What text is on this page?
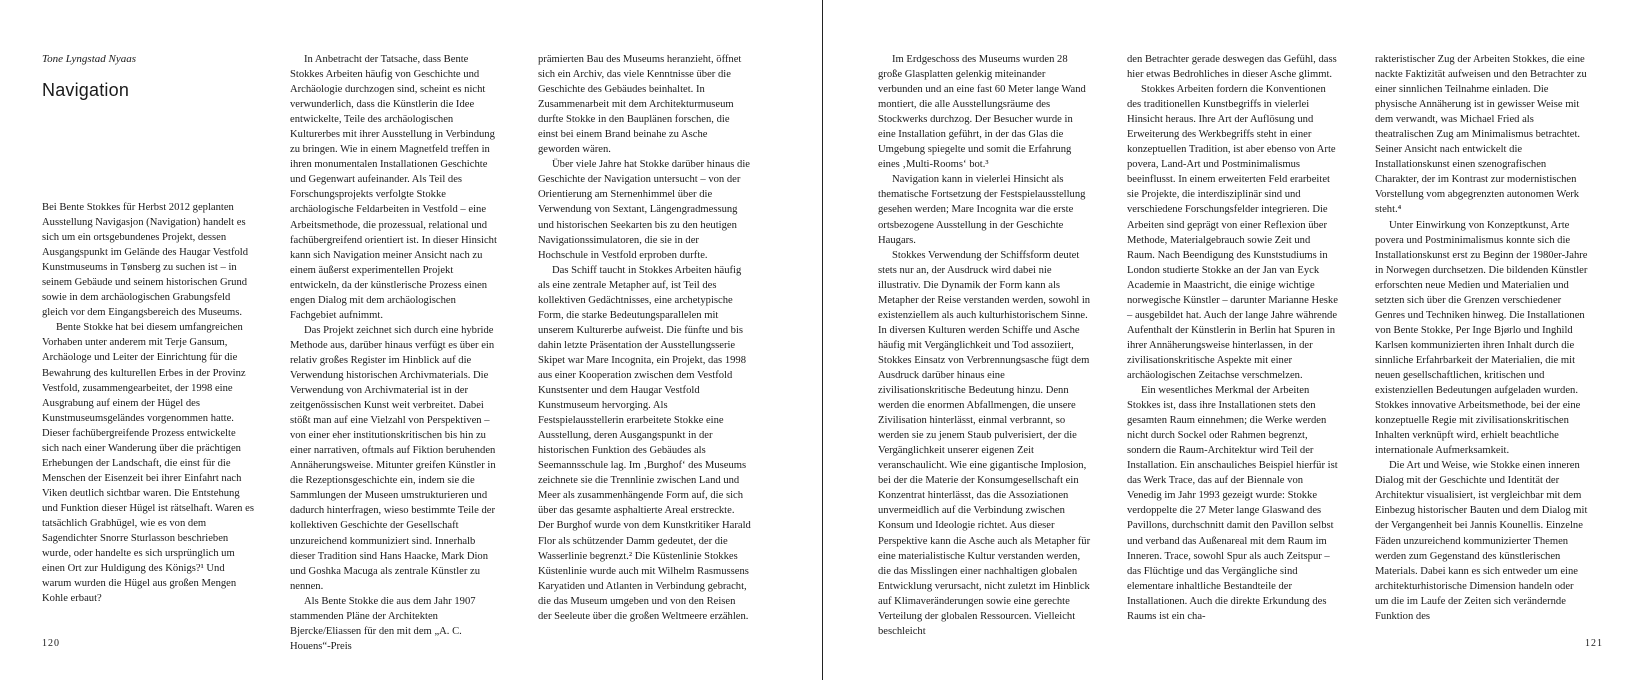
Tone Lyngstad Nyaas
Navigation

Bei Bente Stokkes für Herbst 2012 geplanten Ausstellung Navigasjon (Navigation) handelt es sich um ein ortsgebundenes Projekt, dessen Ausgangspunkt im Gelände des Haugar Vestfold Kunstmuseums in Tønsberg zu suchen ist – in seinem Gebäude und seinem historischen Grund sowie in dem archäologischen Grabungsfeld gleich vor dem Eingangsbereich des Museums.

Bente Stokke hat bei diesem umfangreichen Vorhaben unter anderem mit Terje Gansum, Archäologe und Leiter der Einrichtung für die Bewahrung des kulturellen Erbes in der Provinz Vestfold, zusammengearbeitet, der 1998 eine Ausgrabung auf einem der Hügel des Kunstmuseumsgeländes vorgenommen hatte. Dieser fachübergreifende Prozess entwickelte sich nach einer Wanderung über die prächtigen Erhebungen der Landschaft, die einst für die Menschen der Eisenzeit bei ihrer Einfahrt nach Viken deutlich sichtbar waren. Die Entstehung und Funktion dieser Hügel ist rätselhaft. Waren es tatsächlich Grabhügel, wie es von dem Sagendichter Snorre Sturlasson beschrieben wurde, oder handelte es sich ursprünglich um einen Ort zur Huldigung des Königs?¹ Und warum wurden die Hügel aus großen Mengen Kohle erbaut?

In Anbetracht der Tatsache, dass Bente Stokkes Arbeiten häufig von Geschichte und Archäologie durchzogen sind, scheint es nicht verwunderlich, dass die Künstlerin die Idee entwickelte, Teile des archäologischen Kulturerbes mit ihrer Ausstellung in Verbindung zu bringen. Wie in einem Magnetfeld treffen in ihren monumentalen Installationen Geschichte und Gegenwart aufeinander. Als Teil des Forschungsprojekts verfolgte Stokke archäologische Feldarbeiten in Vestfold – eine Arbeitsmethode, die prozessual, relational und fachübergreifend orientiert ist. In dieser Hinsicht kann sich Navigation meiner Ansicht nach zu einem äußerst experimentellen Projekt entwickeln, da der künstlerische Prozess einen engen Dialog mit dem archäologischen Fachgebiet aufnimmt.

Das Projekt zeichnet sich durch eine hybride Methode aus, darüber hinaus verfügt es über ein relativ großes Register im Hinblick auf die Verwendung historischen Archivmaterials. Die Verwendung von Archivmaterial ist in der zeitgenössischen Kunst weit verbreitet. Dabei stößt man auf eine Vielzahl von Perspektiven – von einer eher institutionskritischen bis hin zu einer narrativen, oftmals auf Fiktion beruhenden Annäherungsweise. Mitunter greifen Künstler in die Rezeptionsgeschichte ein, indem sie die Sammlungen der Museen umstrukturieren und dadurch hinterfragen, wieso bestimmte Teile der kollektiven Geschichte der Gesellschaft unzureichend kommuniziert sind. Innerhalb dieser Tradition sind Hans Haacke, Mark Dion und Goshka Macuga als zentrale Künstler zu nennen.

Als Bente Stokke die aus dem Jahr 1907 stammenden Pläne der Architekten Bjercke/Eliassen für den mit dem „A. C. Houens“-Preis

prämierten Bau des Museums heranzieht, öffnet sich ein Archiv, das viele Kenntnisse über die Geschichte des Gebäudes beinhaltet. In Zusammenarbeit mit dem Architekturmuseum durfte Stokke in den Bauplänen forschen, die einst bei einem Brand beinahe zu Asche geworden wären.

Über viele Jahre hat Stokke darüber hinaus die Geschichte der Navigation untersucht – von der Orientierung am Sternenhimmel über die Verwendung von Sextant, Längengradmessung und historischen Seekarten bis zu den heutigen Navigationssimulatoren, die sie in der Hochschule in Vestfold erproben durfte.

Das Schiff taucht in Stokkes Arbeiten häufig als eine zentrale Metapher auf, ist Teil des kollektiven Gedächtnisses, eine archetypische Form, die starke Bedeutungsparallelen mit unserem Kulturerbe aufweist. Die fünfte und bis dahin letzte Präsentation der Ausstellungsserie Skipet war Mare Incognita, ein Projekt, das 1998 aus einer Kooperation zwischen dem Vestfold Kunstsenter und dem Haugar Vestfold Kunstmuseum hervorging. Als Festspielausstellerin erarbeitete Stokke eine Ausstellung, deren Ausgangspunkt in der historischen Funktion des Gebäudes als Seemannsschule lag. Im ‚Burghof‘ des Museums zeichnete sie die Trennlinie zwischen Land und Meer als zusammenhängende Form auf, die sich über das gesamte asphaltierte Areal erstreckte. Der Burghof wurde von dem Kunstkritiker Harald Flor als schützender Damm gedeutet, der die Wasserlinie begrenzt.² Die Küstenlinie Stokkes Küstenlinie wurde auch mit Wilhelm Rasmussens Karyatiden und Atlanten in Verbindung gebracht, die das Museum umgeben und von den Reisen der Seeleute über die großen Weltmeere erzählen.

Im Erdgeschoss des Museums wurden 28 große Glasplatten gelenkig miteinander verbunden und an eine fast 60 Meter lange Wand montiert, die alle Ausstellungsräume des Stockwerks durchzog. Der Besucher wurde in eine Installation geführt, in der das Glas die Umgebung spiegelte und somit die Erfahrung eines ‚Multi-Rooms‘ bot.³

Navigation kann in vielerlei Hinsicht als thematische Fortsetzung der Festspielausstellung gesehen werden; Mare Incognita war die erste ortsbezogene Ausstellung in der Geschichte Haugars.

Stokkes Verwendung der Schiffsform deutet stets nur an, der Ausdruck wird dabei nie illustrativ. Die Dynamik der Form kann als Metapher der Reise verstanden werden, sowohl in existenziellem als auch kulturhistorischem Sinne. In diversen Kulturen werden Schiffe und Asche häufig mit Vergänglichkeit und Tod assoziiert, Stokkes Einsatz von Verbrennungsasche fügt dem Ausdruck darüber hinaus eine zivilisationskritische Bedeutung hinzu. Denn werden die enormen Abfallmengen, die unsere Zivilisation hinterlässt, einmal verbrannt, so werden sie zu jenem Staub pulverisiert, der die Vergänglichkeit unserer eigenen Zeit veranschaulicht. Wie eine gigantische Implosion, bei der die Materie der Konsumgesellschaft ein Konzentrat hinterlässt, das die Assoziationen unvermeidlich auf die Verbindung zwischen Konsum und Ideologie richtet. Aus dieser Perspektive kann die Asche auch als Metapher für eine materialistische Kultur verstanden werden, die das Misslingen einer nachhaltigen globalen Entwicklung verursacht, nicht zuletzt im Hinblick auf Klimaveränderungen sowie eine gerechte Verteilung der globalen Ressourcen. Vielleicht beschleicht

den Betrachter gerade deswegen das Gefühl, dass hier etwas Bedrohliches in dieser Asche glimmt.

Stokkes Arbeiten fordern die Konventionen des traditionellen Kunstbegriffs in vielerlei Hinsicht heraus. Ihre Art der Auflösung und Erweiterung des Werkbegriffs steht in einer konzeptuellen Tradition, ist aber ebenso von Arte povera, Land-Art und Postminimalismus beeinflusst. In einem erweiterten Feld erarbeitet sie Projekte, die interdisziplinär sind und verschiedene Forschungsfelder integrieren. Die Arbeiten sind geprägt von einer Reflexion über Methode, Materialgebrauch sowie Zeit und Raum. Nach Beendigung des Kunststudiums in London studierte Stokke an der Jan van Eyck Academie in Maastricht, die einige wichtige norwegische Künstler – darunter Marianne Heske – ausgebildet hat. Auch der lange Jahre währende Aufenthalt der Künstlerin in Berlin hat Spuren in ihrer Annäherungsweise hinterlassen, in der zivilisationskritische Aspekte mit einer archäologischen Zeitachse verschmelzen.

Ein wesentliches Merkmal der Arbeiten Stokkes ist, dass ihre Installationen stets den gesamten Raum einnehmen; die Werke werden nicht durch Sockel oder Rahmen begrenzt, sondern die Raum-Architektur wird Teil der Installation. Ein anschauliches Beispiel hierfür ist das Werk Trace, das auf der Biennale von Venedig im Jahr 1993 gezeigt wurde: Stokke verdoppelte die 27 Meter lange Glaswand des Pavillons, durchschnitt damit den Pavillon selbst und verband das Außenareal mit dem Raum im Inneren. Trace, sowohl Spur als auch Zeitspur – das Flüchtige und das Vergängliche sind elementare inhaltliche Bestandteile der Installationen. Auch die direkte Erkundung des Raums ist ein cha-

rakteristischer Zug der Arbeiten Stokkes, die eine nackte Faktizität aufweisen und den Betrachter zu einer sinnlichen Teilnahme einladen. Die physische Annäherung ist in gewisser Weise mit dem verwandt, was Michael Fried als theatralischen Zug am Minimalismus betrachtet. Seiner Ansicht nach entwickelt die Installationskunst einen szenografischen Charakter, der im Kontrast zur modernistischen Vorstellung vom abgegrenzten autonomen Werk steht.⁴

Unter Einwirkung von Konzeptkunst, Arte povera und Postminimalismus konnte sich die Installationskunst erst zu Beginn der 1980er-Jahre in Norwegen durchsetzen. Die bildenden Künstler erforschten neue Medien und Materialien und setzten sich über die Grenzen verschiedener Genres und Techniken hinweg. Die Installationen von Bente Stokke, Per Inge Bjørlo und Inghild Karlsen kommunizierten ihren Inhalt durch die sinnliche Erfahrbarkeit der Materialien, die mit neuen gesellschaftlichen, kritischen und existenziellen Bedeutungen aufgeladen wurden. Stokkes innovative Arbeitsmethode, bei der eine konzeptuelle Regie mit zivilisationskritischen Inhalten verknüpft wird, erhielt beachtliche internationale Aufmerksamkeit.

Die Art und Weise, wie Stokke einen inneren Dialog mit der Geschichte und Identität der Architektur visualisiert, ist vergleichbar mit dem Einbezug historischer Bauten und dem Dialog mit der Vergangenheit bei Jannis Kounellis. Einzelne Fäden unzureichend kommunizierter Themen werden zum Gegenstand des künstlerischen Materials. Dabei kann es sich entweder um eine architekturhistorische Dimension handeln oder um die im Laufe der Zeiten sich verändernde Funktion des

120	121
